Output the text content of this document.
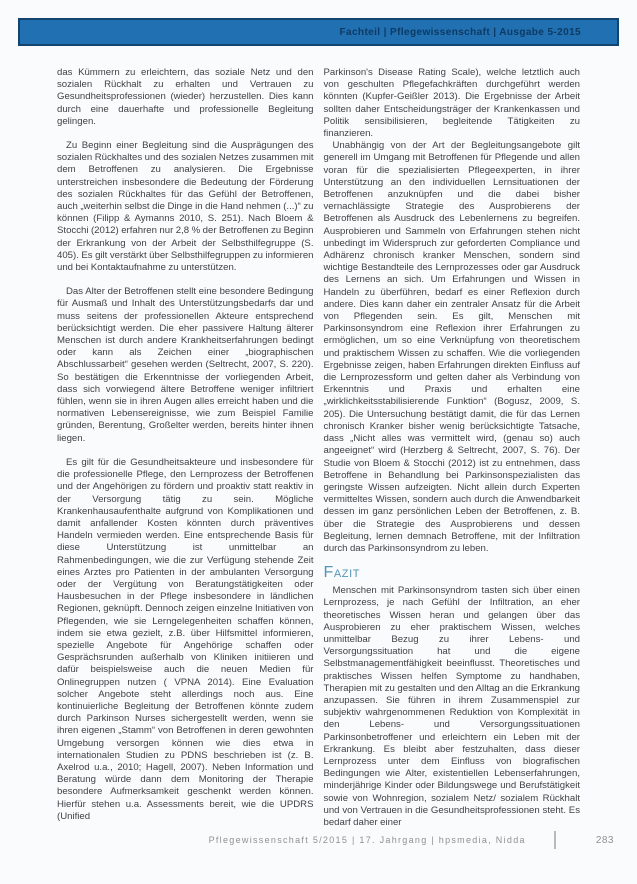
Fachteil | Pflegewissenschaft | Ausgabe 5-2015

das Kümmern zu erleichtern, das soziale Netz und den sozialen Rückhalt zu erhalten und Vertrauen zu Gesundheitsprofessionen (wieder) herzustellen. Dies kann durch eine dauerhafte und professionelle Begleitung gelingen.

Zu Beginn einer Begleitung sind die Ausprägungen des sozialen Rückhaltes und des sozialen Netzes zusammen mit dem Betroffenen zu analysieren. Die Ergebnisse unterstreichen insbesondere die Bedeutung der Förderung des sozialen Rückhaltes für das Gefühl der Betroffenen, auch „weiterhin selbst die Dinge in die Hand nehmen (...)“ zu können (Filipp & Aymanns 2010, S. 251). Nach Bloem & Stocchi (2012) erfahren nur 2,8 % der Betroffenen zu Beginn der Erkrankung von der Arbeit der Selbsthilfegruppe (S. 405). Es gilt verstärkt über Selbsthilfegruppen zu informieren und bei Kontaktaufnahme zu unterstützen.

Das Alter der Betroffenen stellt eine besondere Bedingung für Ausmaß und Inhalt des Unterstützungsbedarfs dar und muss seitens der professionellen Akteure entsprechend berücksichtigt werden. Die eher passivere Haltung älterer Menschen ist durch andere Krankheitserfahrungen bedingt oder kann als Zeichen einer „biographischen Abschlussarbeit“ gesehen werden (Seltrecht, 2007, S. 220). So bestätigen die Erkenntnisse der vorliegenden Arbeit, dass sich vorwiegend ältere Betroffene weniger infiltriert fühlen, wenn sie in ihren Augen alles erreicht haben und die normativen Lebensereignisse, wie zum Beispiel Familie gründen, Berentung, Großelter werden, bereits hinter ihnen liegen.

Es gilt für die Gesundheitsakteure und insbesondere für die professionelle Pflege, den Lernprozess der Betroffenen und der Angehörigen zu fördern und proaktiv statt reaktiv in der Versorgung tätig zu sein. Mögliche Krankenhausaufenthalte aufgrund von Komplikationen und damit anfallender Kosten könnten durch präventives Handeln vermieden werden. Eine entsprechende Basis für diese Unterstützung ist unmittelbar an Rahmenbedingungen, wie die zur Verfügung stehende Zeit eines Arztes pro Patienten in der ambulanten Versorgung oder der Vergütung von Beratungstätigkeiten oder Hausbesuchen in der Pflege insbesondere in ländlichen Regionen, geknüpft. Dennoch zeigen einzelne Initiativen von Pflegenden, wie sie Lerngelegenheiten schaffen können, indem sie etwa gezielt, z.B. über Hilfsmittel informieren, spezielle Angebote für Angehörige schaffen oder Gesprächsrunden außerhalb von Kliniken initiieren und dafür beispielsweise auch die neuen Medien für Onlinegruppen nutzen ( VPNA 2014). Eine Evaluation solcher Angebote steht allerdings noch aus. Eine kontinuierliche Begleitung der Betroffenen könnte zudem durch Parkinson Nurses sichergestellt werden, wenn sie ihren eigenen „Stamm“ von Betroffenen in deren gewohnten Umgebung versorgen können wie dies etwa in internationalen Studien zu PDNS beschrieben ist (z. B. Axelrod u.a., 2010; Hagell, 2007). Neben Information und Beratung würde dann dem Monitoring der Therapie besondere Aufmerksamkeit geschenkt werden können. Hierfür stehen u.a. Assessments bereit, wie die UPDRS (Unified

Parkinson's Disease Rating Scale), welche letztlich auch von geschulten Pflegefachkräften durchgeführt werden könnten (Kupfer-Geißler 2013). Die Ergebnisse der Arbeit sollten daher Entscheidungsträger der Krankenkassen und Politik sensibilisieren, begleitende Tätigkeiten zu finanzieren.

Unabhängig von der Art der Begleitungsangebote gilt generell im Umgang mit Betroffenen für Pflegende und allen voran für die spezialisierten Pflegeexperten, in ihrer Unterstützung an den individuellen Lernsituationen der Betroffenen anzuknüpfen und die dabei bisher vernachlässigte Strategie des Ausprobierens der Betroffenen als Ausdruck des Lebenlernens zu begreifen. Ausprobieren und Sammeln von Erfahrungen stehen nicht unbedingt im Widerspruch zur geforderten Compliance und Adhärenz chronisch kranker Menschen, sondern sind wichtige Bestandteile des Lernprozesses oder gar Ausdruck des Lernens an sich. Um Erfahrungen und Wissen in Handeln zu überführen, bedarf es einer Reflexion durch andere. Dies kann daher ein zentraler Ansatz für die Arbeit von Pflegenden sein. Es gilt, Menschen mit Parkinsonsyndrom eine Reflexion ihrer Erfahrungen zu ermöglichen, um so eine Verknüpfung von theoretischem und praktischem Wissen zu schaffen. Wie die vorliegenden Ergebnisse zeigen, haben Erfahrungen direkten Einfluss auf die Lernprozessform und gelten daher als Verbindung von Erkenntnis und Praxis und erhalten eine „wirklichkeitsstabilisierende Funktion“ (Bogusz, 2009, S. 205). Die Untersuchung bestätigt damit, die für das Lernen chronisch Kranker bisher wenig berücksichtigte Tatsache, dass „Nicht alles was vermittelt wird, (genau so) auch angeeignet“ wird (Herzberg & Seltrecht, 2007, S. 76). Der Studie von Bloem & Stocchi (2012) ist zu entnehmen, dass Betroffene in Behandlung bei Parkinsonspezialisten das geringste Wissen aufzeigten. Nicht allein durch Experten vermitteltes Wissen, sondern auch durch die Anwendbarkeit dessen im ganz persönlichen Leben der Betroffenen, z. B. über die Strategie des Ausprobierens und dessen Begleitung, lernen demnach Betroffene, mit der Infiltration durch das Parkinsonsyndrom zu leben.

Fazit

Menschen mit Parkinsonsyndrom tasten sich über einen Lernprozess, je nach Gefühl der Infiltration, an eher theoretisches Wissen heran und gelangen über das Ausprobieren zu eher praktischem Wissen, welches unmittelbar Bezug zu ihrer Lebens- und Versorgungssituation hat und die eigene Selbstmanagementfähigkeit beeinflusst. Theoretisches und praktisches Wissen helfen Symptome zu handhaben, Therapien mit zu gestalten und den Alltag an die Erkrankung anzupassen. Sie führen in ihrem Zusammenspiel zur subjektiv wahrgenommenen Reduktion von Komplexität in den Lebens- und Versorgungssituationen Parkinsonbetroffener und erleichtern ein Leben mit der Erkrankung. Es bleibt aber festzuhalten, dass dieser Lernprozess unter dem Einfluss von biografischen Bedingungen wie Alter, existentiellen Lebenserfahrungen, minderjährige Kinder oder Bildungswege und Berufstätigkeit sowie von Wohnregion, sozialem Netz/ sozialem Rückhalt und von Vertrauen in die Gesundheitsprofessionen steht. Es bedarf daher einer

Pflegewissenschaft 5/2015 | 17. Jahrgang | hpsmedia, Nidda	283
